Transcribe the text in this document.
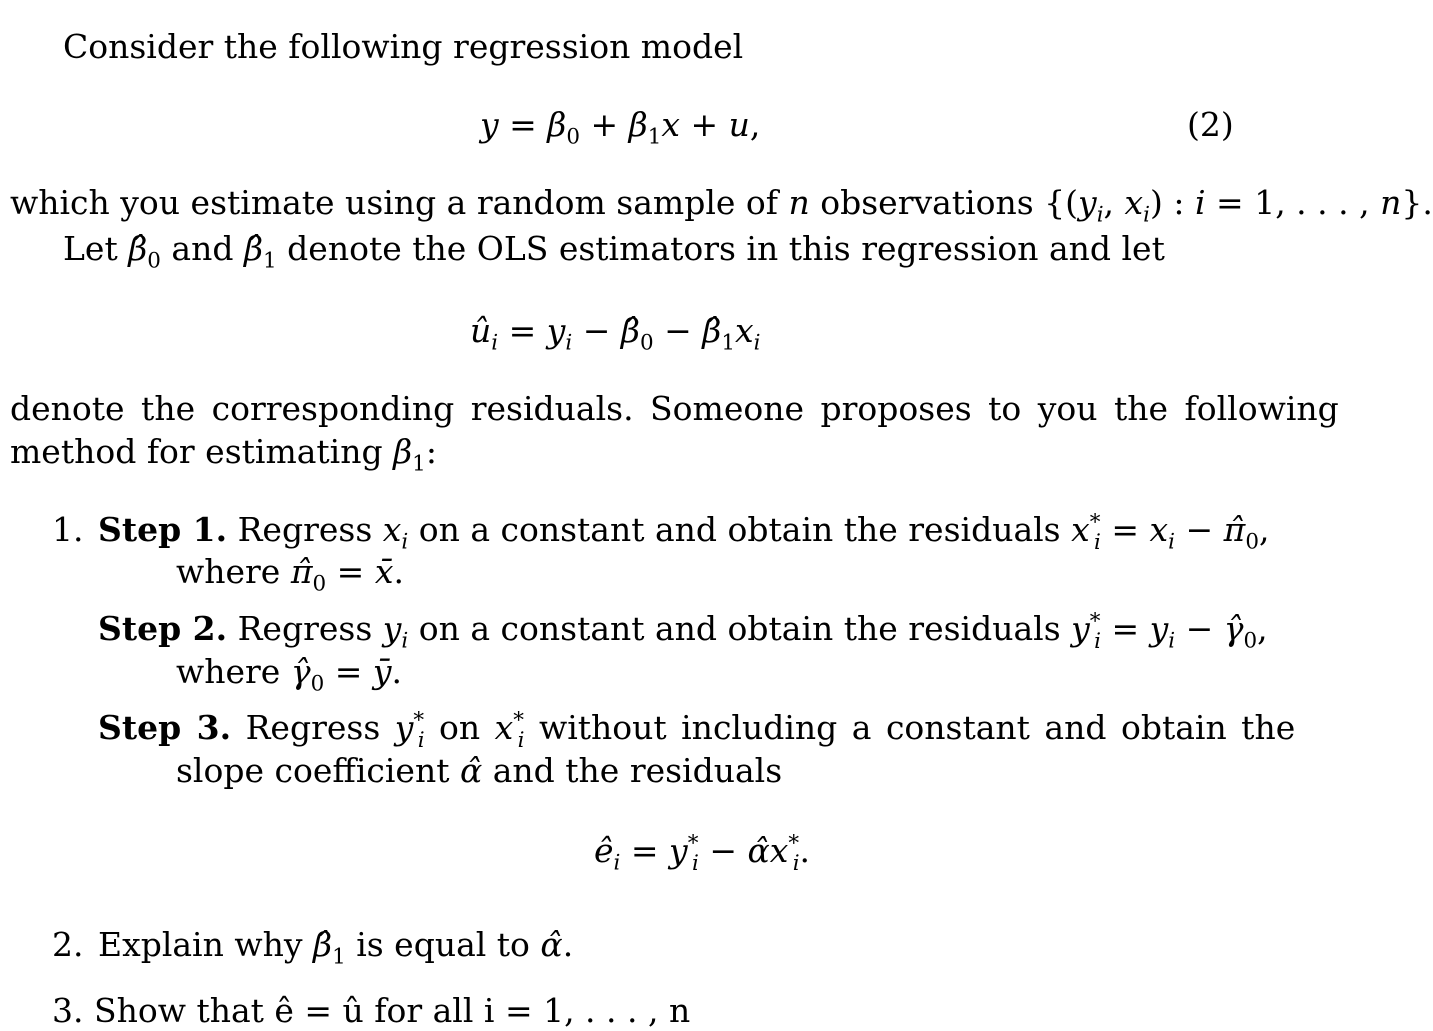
Consider the following regression model
$y = \beta_0 + \beta_1x + u$,	(2)
which you estimate using a random sample of n observations {($y_i$, $x_i$) : i = 1, . . . , n}.
Let $\betâ_0$ and $\betâ_1$ denote the OLS estimators in this regression and let
$û_i = y_i$ − $\betâ_0$ − $\betâ_1x_i$
denote the corresponding residuals. Someone proposes to you the following
method for estimating $\beta_1$:
1. Step 1. Regress $x_i$ on a constant and obtain the residuals $x^*_i = x_i$ − $\pî_0$,
where $\pî_0$ = x̄.
Step 2. Regress $y_i$ on a constant and obtain the residuals $y^*_i = y_i$ − $\gammâ_0$,
where $\gammâ_0$ = ȳ.
Step 3. Regress $y^*_i$ on $x^*_i$ without including a constant and obtain the
slope coefficient α̂ and the residuals
$ê_i = y^*_i$ − $\alphâx^*_i$.
2. Explain why $\betâ_1$ is equal to α̂.
3. Show that ê = û for all i = 1, . . . , n
